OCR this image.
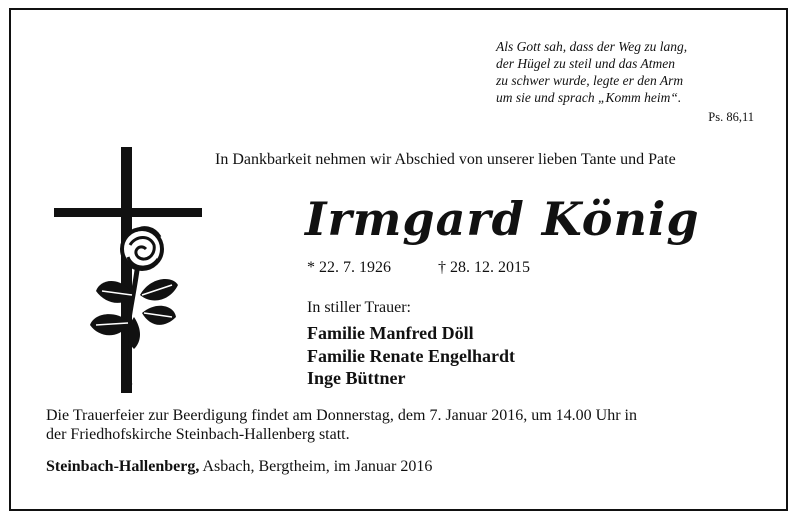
Als Gott sah, dass der Weg zu lang,
der Hügel zu steil und das Atmen
zu schwer wurde, legte er den Arm
um sie und sprach „Komm heim“.
Ps. 86,11
In Dankbarkeit nehmen wir Abschied von unserer lieben Tante und Pate
Irmgard König
* 22. 7. 1926	† 28. 12. 2015
In stiller Trauer:
Familie Manfred Döll
Familie Renate Engelhardt
Inge Büttner
Die Trauerfeier zur Beerdigung findet am Donnerstag, dem 7. Januar 2016, um 14.00 Uhr in
der Friedhofskirche Steinbach-Hallenberg statt.
Steinbach-Hallenberg, Asbach, Bergtheim, im Januar 2016
